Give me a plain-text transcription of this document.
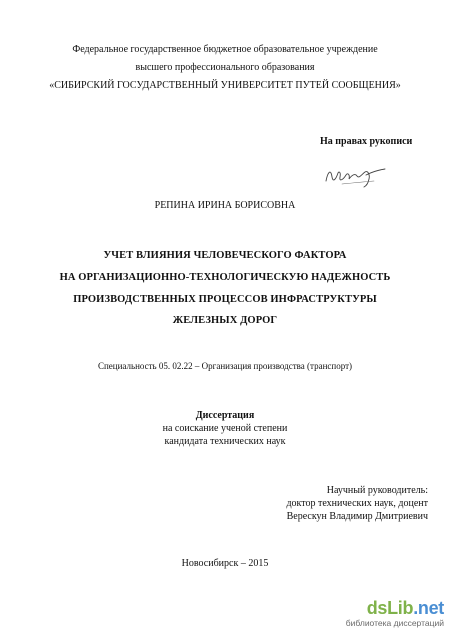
Федеральное государственное бюджетное образовательное учреждение
высшего профессионального образования
«СИБИРСКИЙ ГОСУДАРСТВЕННЫЙ УНИВЕРСИТЕТ ПУТЕЙ СООБЩЕНИЯ»
На правах рукописи
РЕПИНА ИРИНА БОРИСОВНА
УЧЕТ ВЛИЯНИЯ ЧЕЛОВЕЧЕСКОГО ФАКТОРА
НА ОРГАНИЗАЦИОННО-ТЕХНОЛОГИЧЕСКУЮ НАДЕЖНОСТЬ
ПРОИЗВОДСТВЕННЫХ ПРОЦЕССОВ ИНФРАСТРУКТУРЫ
ЖЕЛЕЗНЫХ ДОРОГ
Специальность 05. 02.22 – Организация производства (транспорт)
Диссертация
на соискание ученой степени
кандидата технических наук
Научный руководитель:
доктор технических наук, доцент
Верескун Владимир Дмитриевич
Новосибирск – 2015
dsLib.net
библиотека диссертаций
